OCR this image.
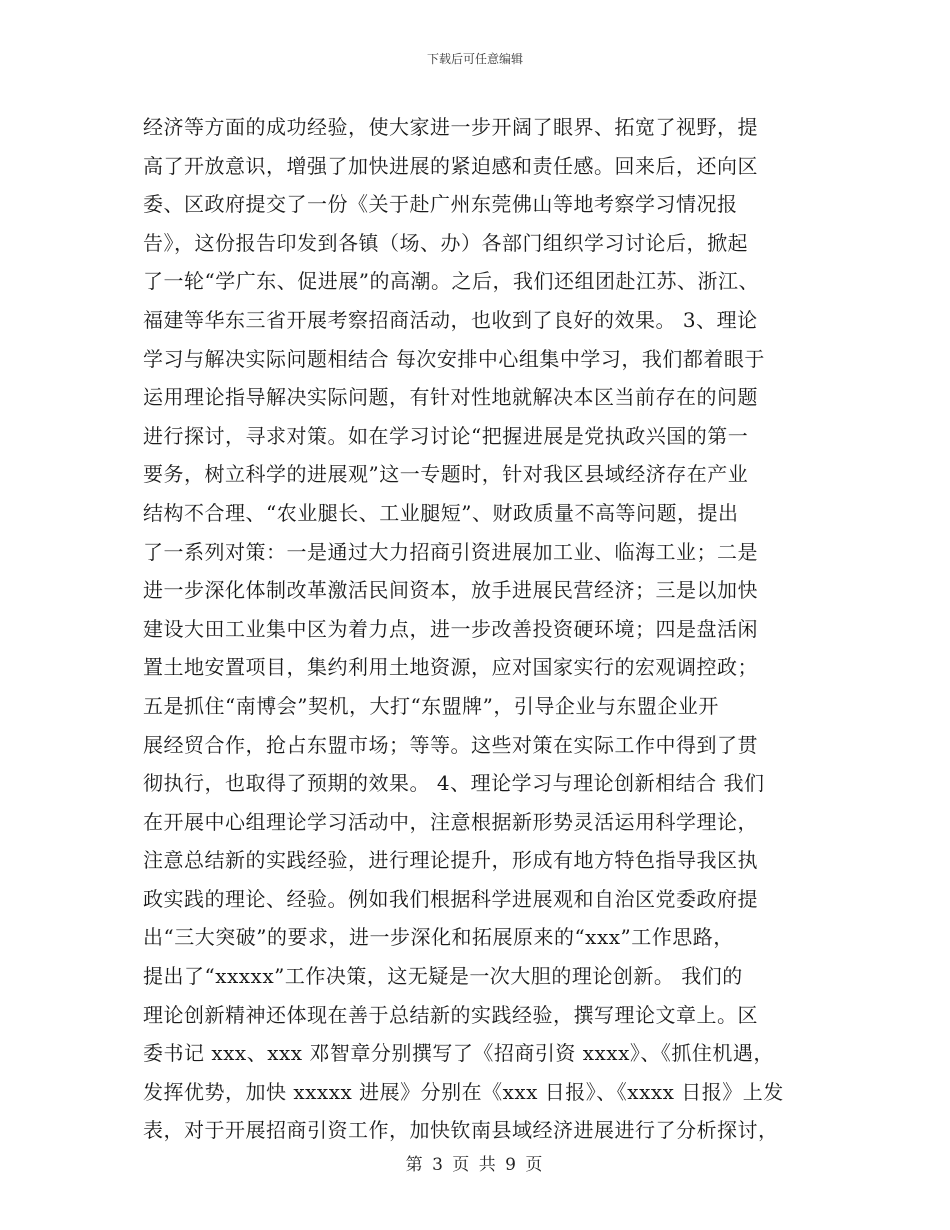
下载后可任意编辑
经济等方面的成功经验，使大家进一步开阔了眼界、拓宽了视野，提
高了开放意识，增强了加快进展的紧迫感和责任感。回来后，还向区
委、区政府提交了一份《关于赴广州东莞佛山等地考察学习情况报
告》，这份报告印发到各镇（场、办）各部门组织学习讨论后，掀起
了一轮“学广东、促进展”的高潮。之后，我们还组团赴江苏、浙江、
福建等华东三省开展考察招商活动，也收到了良好的效果。 3、理论
学习与解决实际问题相结合 每次安排中心组集中学习，我们都着眼于
运用理论指导解决实际问题，有针对性地就解决本区当前存在的问题
进行探讨，寻求对策。如在学习讨论“把握进展是党执政兴国的第一
要务，树立科学的进展观”这一专题时，针对我区县域经济存在产业
结构不合理、“农业腿长、工业腿短”、财政质量不高等问题，提出
了一系列对策：一是通过大力招商引资进展加工业、临海工业；二是
进一步深化体制改革激活民间资本，放手进展民营经济；三是以加快
建设大田工业集中区为着力点，进一步改善投资硬环境；四是盘活闲
置土地安置项目，集约利用土地资源，应对国家实行的宏观调控政；
五是抓住“南博会”契机，大打“东盟牌”，引导企业与东盟企业开
展经贸合作，抢占东盟市场；等等。这些对策在实际工作中得到了贯
彻执行，也取得了预期的效果。 4、理论学习与理论创新相结合 我们
在开展中心组理论学习活动中，注意根据新形势灵活运用科学理论，
注意总结新的实践经验，进行理论提升，形成有地方特色指导我区执
政实践的理论、经验。例如我们根据科学进展观和自治区党委政府提
出“三大突破”的要求，进一步深化和拓展原来的“xxx”工作思路，
提出了“xxxxx”工作决策，这无疑是一次大胆的理论创新。 我们的
理论创新精神还体现在善于总结新的实践经验，撰写理论文章上。区
委书记 xxx、xxx 邓智章分别撰写了《招商引资 xxxx》、《抓住机遇，
发挥优势，加快 xxxxx 进展》分别在《xxx 日报》、《xxxx 日报》上发
表，对于开展招商引资工作，加快钦南县域经济进展进行了分析探讨，
第 3 页 共 9 页
